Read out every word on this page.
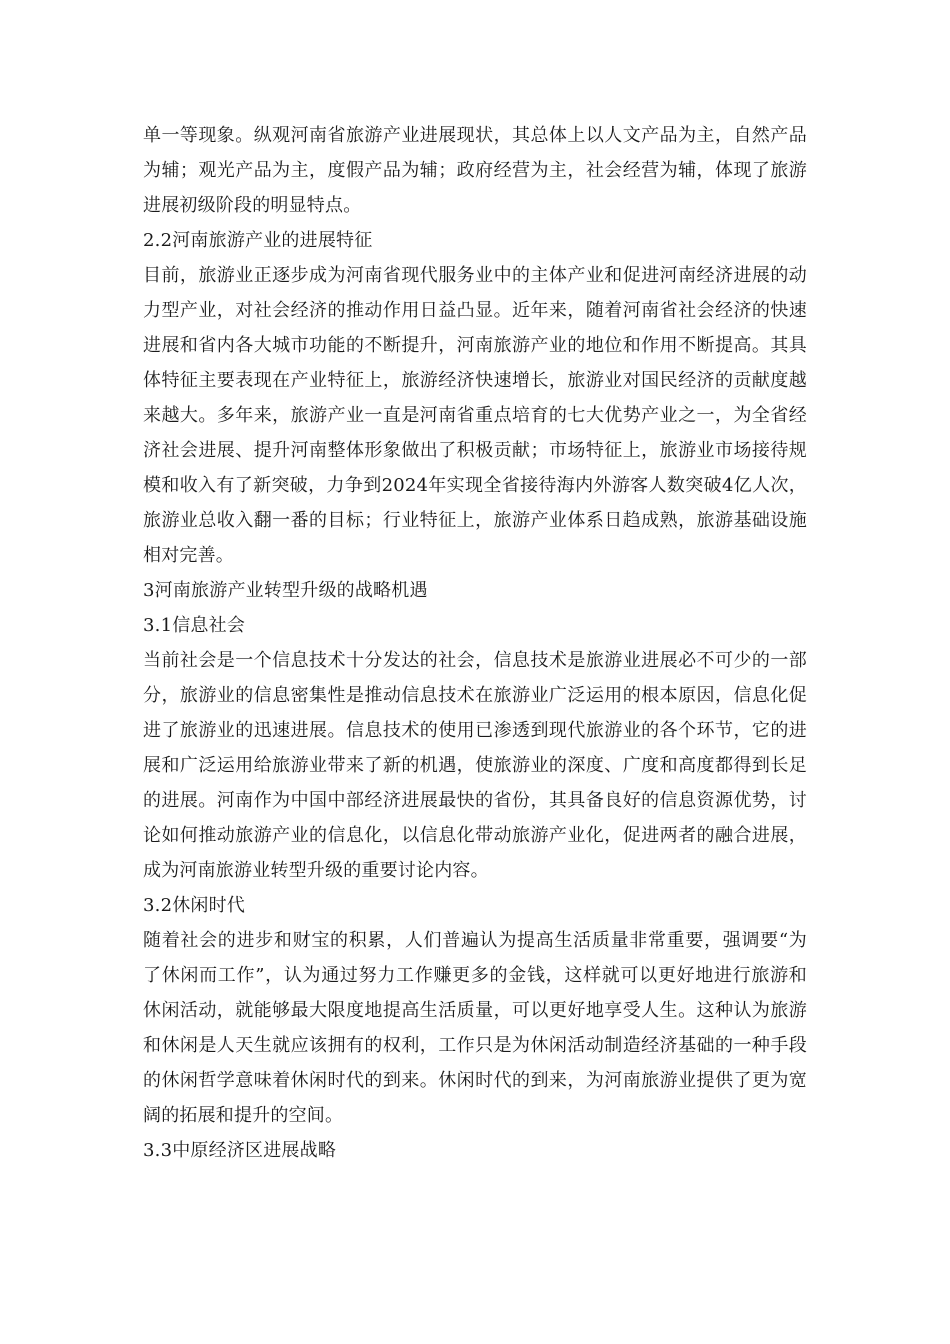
单一等现象。纵观河南省旅游产业进展现状，其总体上以人文产品为主，自然产品为辅；观光产品为主，度假产品为辅；政府经营为主，社会经营为辅，体现了旅游进展初级阶段的明显特点。

2.2河南旅游产业的进展特征

目前，旅游业正逐步成为河南省现代服务业中的主体产业和促进河南经济进展的动力型产业，对社会经济的推动作用日益凸显。近年来，随着河南省社会经济的快速进展和省内各大城市功能的不断提升，河南旅游产业的地位和作用不断提高。其具体特征主要表现在产业特征上，旅游经济快速增长，旅游业对国民经济的贡献度越来越大。多年来，旅游产业一直是河南省重点培育的七大优势产业之一，为全省经济社会进展、提升河南整体形象做出了积极贡献；市场特征上，旅游业市场接待规模和收入有了新突破，力争到2024年实现全省接待海内外游客人数突破4亿人次，旅游业总收入翻一番的目标；行业特征上，旅游产业体系日趋成熟，旅游基础设施相对完善。

3河南旅游产业转型升级的战略机遇
3.1信息社会

当前社会是一个信息技术十分发达的社会，信息技术是旅游业进展必不可少的一部分，旅游业的信息密集性是推动信息技术在旅游业广泛运用的根本原因，信息化促进了旅游业的迅速进展。信息技术的使用已渗透到现代旅游业的各个环节，它的进展和广泛运用给旅游业带来了新的机遇，使旅游业的深度、广度和高度都得到长足的进展。河南作为中国中部经济进展最快的省份，其具备良好的信息资源优势，讨论如何推动旅游产业的信息化，以信息化带动旅游产业化，促进两者的融合进展，成为河南旅游业转型升级的重要讨论内容。

3.2休闲时代

随着社会的进步和财宝的积累，人们普遍认为提高生活质量非常重要，强调要“为了休闲而工作”，认为通过努力工作赚更多的金钱，这样就可以更好地进行旅游和休闲活动，就能够最大限度地提高生活质量，可以更好地享受人生。这种认为旅游和休闲是人天生就应该拥有的权利，工作只是为休闲活动制造经济基础的一种手段的休闲哲学意味着休闲时代的到来。休闲时代的到来，为河南旅游业提供了更为宽阔的拓展和提升的空间。

3.3中原经济区进展战略
